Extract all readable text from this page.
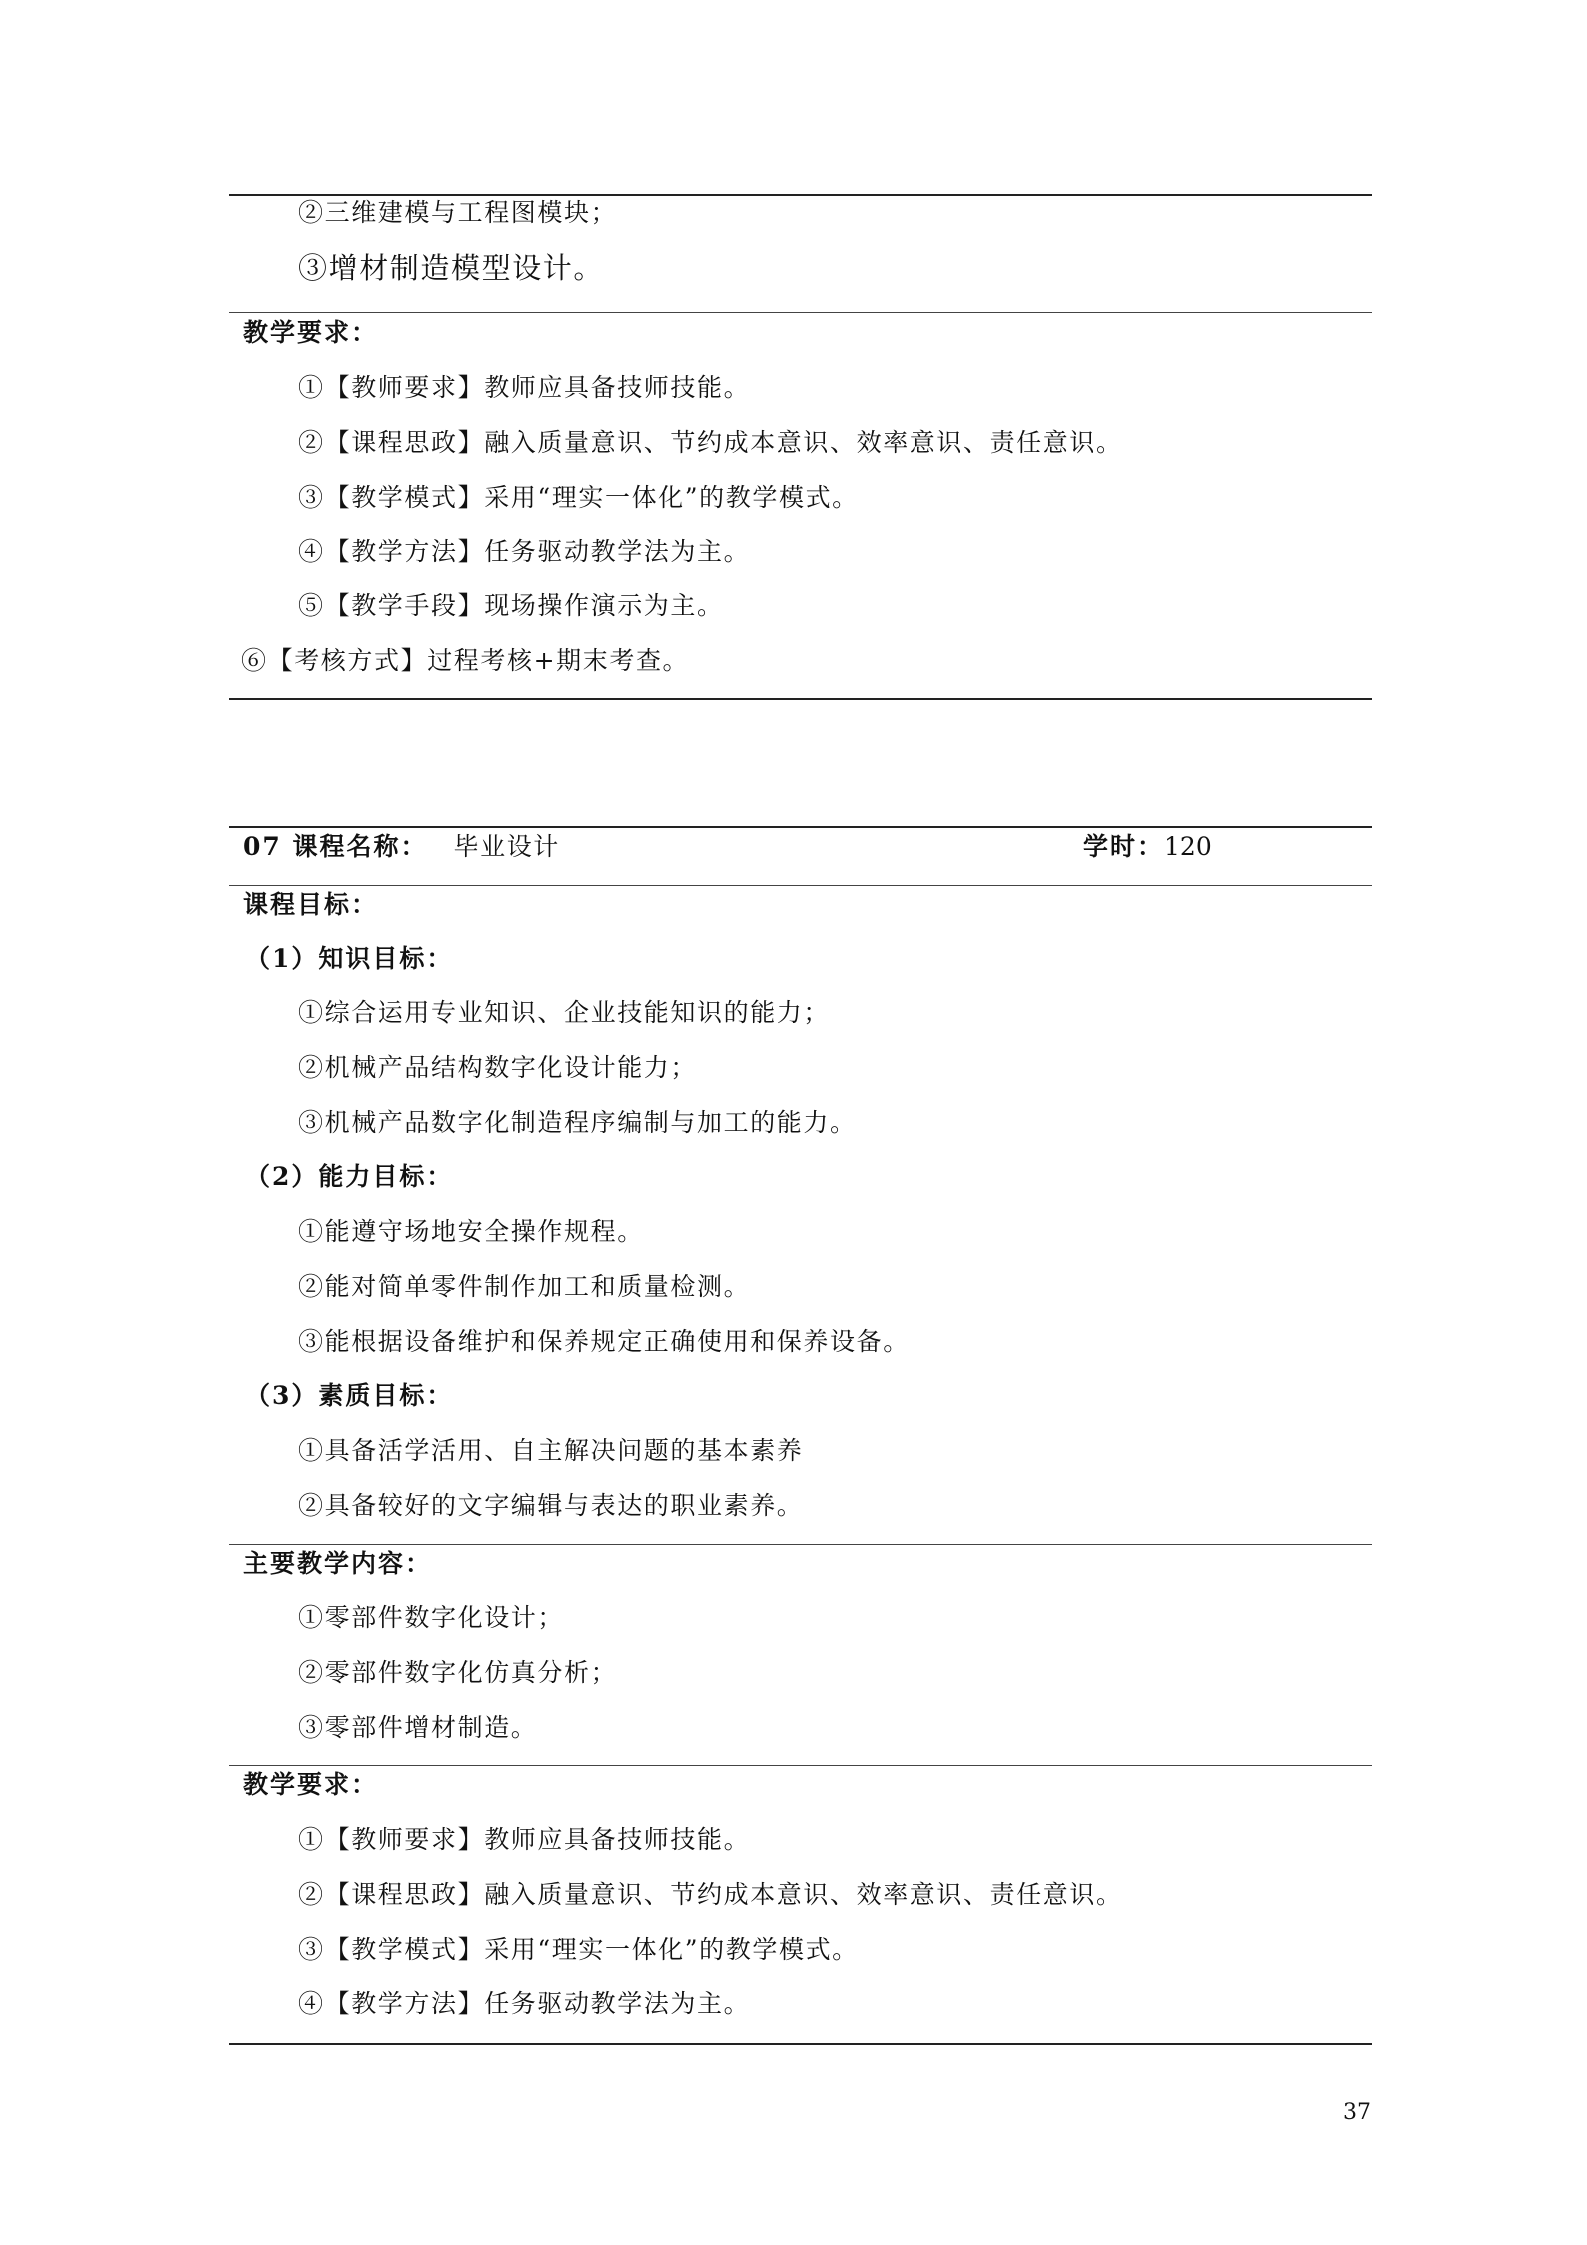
②三维建模与工程图模块；
③增材制造模型设计。
教学要求：
①【教师要求】教师应具备技师技能。
②【课程思政】融入质量意识、节约成本意识、效率意识、责任意识。
③【教学模式】采用“理实一体化”的教学模式。
④【教学方法】任务驱动教学法为主。
⑤【教学手段】现场操作演示为主。
⑥【考核方式】过程考核+期末考查。
07 课程名称： 毕业设计	学时：120
课程目标：
（1）知识目标：
①综合运用专业知识、企业技能知识的能力；
②机械产品结构数字化设计能力；
③机械产品数字化制造程序编制与加工的能力。
（2）能力目标：
①能遵守场地安全操作规程。
②能对简单零件制作加工和质量检测。
③能根据设备维护和保养规定正确使用和保养设备。
（3）素质目标：
①具备活学活用、自主解决问题的基本素养
②具备较好的文字编辑与表达的职业素养。
主要教学内容：
①零部件数字化设计；
②零部件数字化仿真分析；
③零部件增材制造。
教学要求：
①【教师要求】教师应具备技师技能。
②【课程思政】融入质量意识、节约成本意识、效率意识、责任意识。
③【教学模式】采用“理实一体化”的教学模式。
④【教学方法】任务驱动教学法为主。
37
